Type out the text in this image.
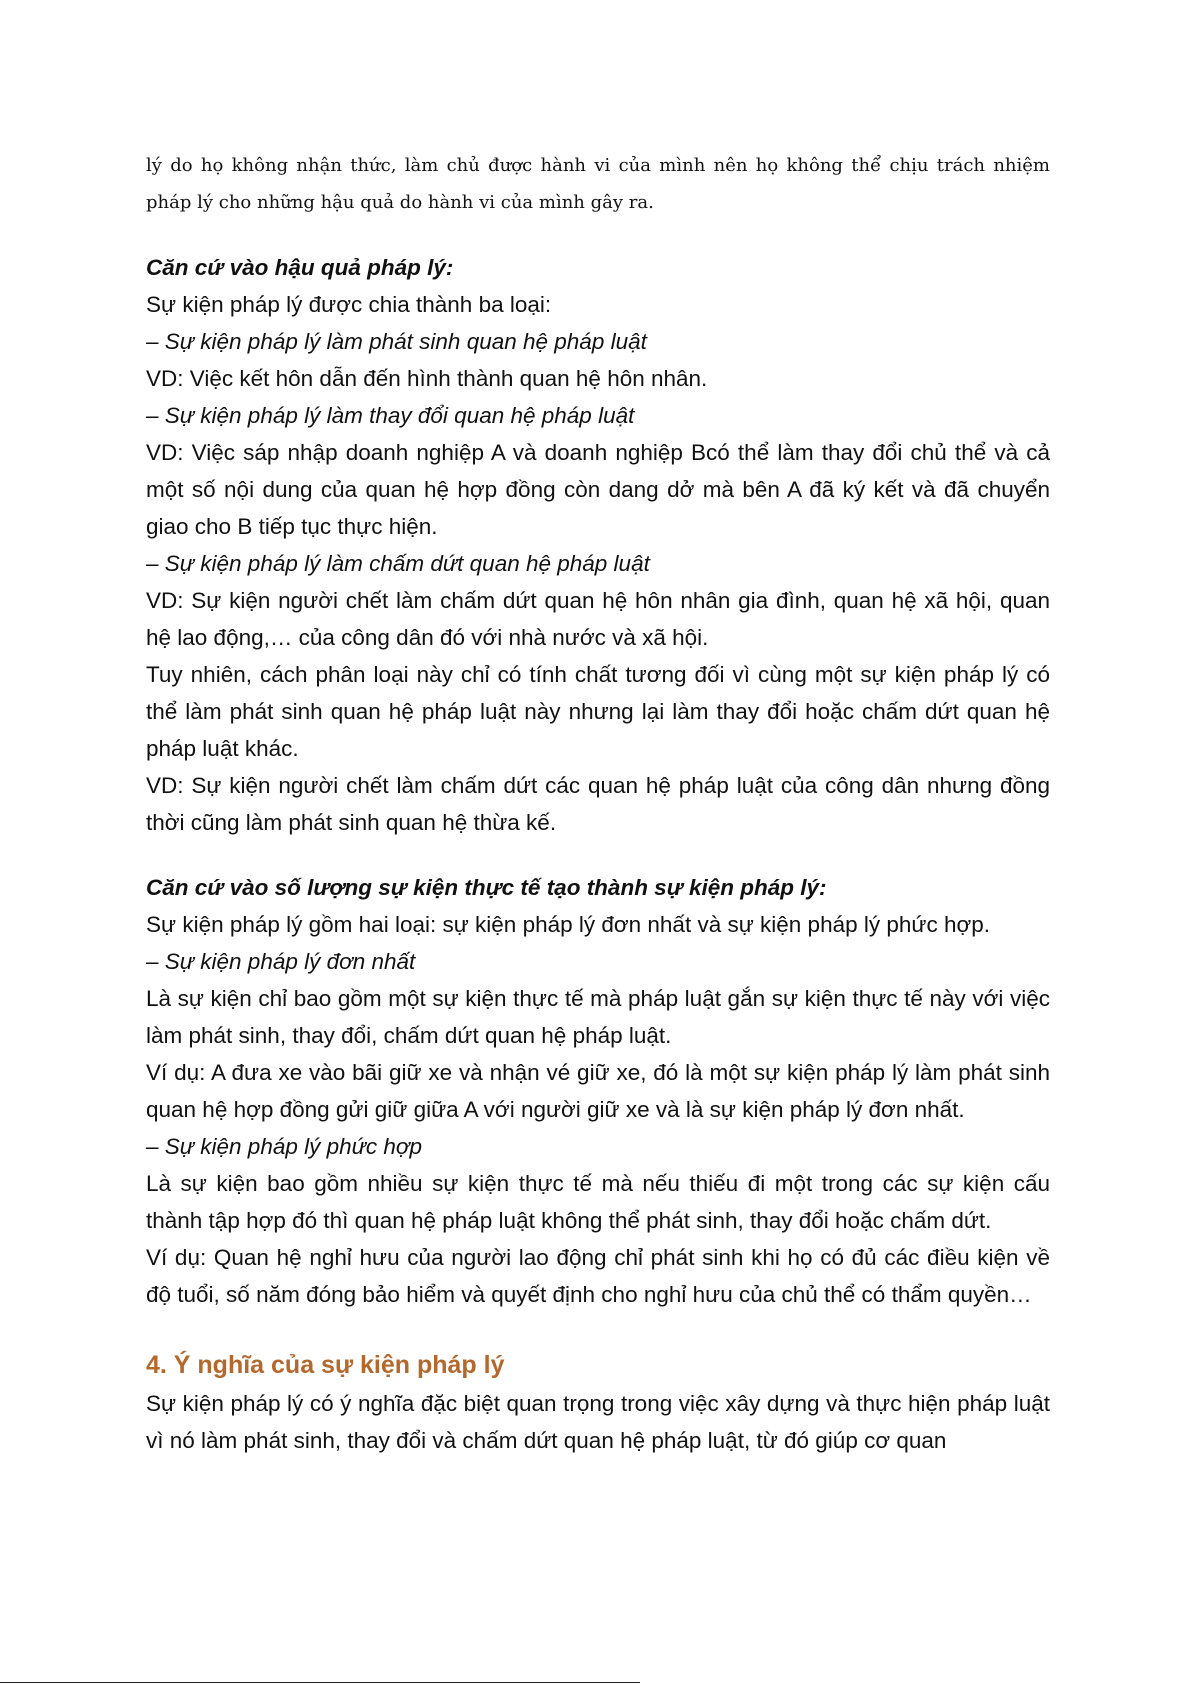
lý do họ không nhận thức, làm chủ được hành vi của mình nên họ không thể chịu trách nhiệm pháp lý cho những hậu quả do hành vi của mình gây ra.

Căn cứ vào hậu quả pháp lý:

Sự kiện pháp lý được chia thành ba loại:

– Sự kiện pháp lý làm phát sinh quan hệ pháp luật

VD: Việc kết hôn dẫn đến hình thành quan hệ hôn nhân.

– Sự kiện pháp lý làm thay đổi quan hệ pháp luật

VD: Việc sáp nhập doanh nghiệp A và doanh nghiệp Bcó thể làm thay đổi chủ thể và cả một số nội dung của quan hệ hợp đồng còn dang dở mà bên A đã ký kết và đã chuyển giao cho B tiếp tục thực hiện.

– Sự kiện pháp lý làm chấm dứt quan hệ pháp luật

VD: Sự kiện người chết làm chấm dứt quan hệ hôn nhân gia đình, quan hệ xã hội, quan hệ lao động,… của công dân đó với nhà nước và xã hội.

Tuy nhiên, cách phân loại này chỉ có tính chất tương đối vì cùng một sự kiện pháp lý có thể làm phát sinh quan hệ pháp luật này nhưng lại làm thay đổi hoặc chấm dứt quan hệ pháp luật khác.

VD: Sự kiện người chết làm chấm dứt các quan hệ pháp luật của công dân nhưng đồng thời cũng làm phát sinh quan hệ thừa kế.

Căn cứ vào số lượng sự kiện thực tế tạo thành sự kiện pháp lý:

Sự kiện pháp lý gồm hai loại: sự kiện pháp lý đơn nhất và sự kiện pháp lý phức hợp.

– Sự kiện pháp lý đơn nhất

Là sự kiện chỉ bao gồm một sự kiện thực tế mà pháp luật gắn sự kiện thực tế này với việc làm phát sinh, thay đổi, chấm dứt quan hệ pháp luật.

Ví dụ: A đưa xe vào bãi giữ xe và nhận vé giữ xe, đó là một sự kiện pháp lý làm phát sinh quan hệ hợp đồng gửi giữ giữa A với người giữ xe và là sự kiện pháp lý đơn nhất.

– Sự kiện pháp lý phức hợp

Là sự kiện bao gồm nhiều sự kiện thực tế mà nếu thiếu đi một trong các sự kiện cấu thành tập hợp đó thì quan hệ pháp luật không thể phát sinh, thay đổi hoặc chấm dứt.

Ví dụ: Quan hệ nghỉ hưu của người lao động chỉ phát sinh khi họ có đủ các điều kiện về độ tuổi, số năm đóng bảo hiểm và quyết định cho nghỉ hưu của chủ thể có thẩm quyền…

4. Ý nghĩa của sự kiện pháp lý

Sự kiện pháp lý có ý nghĩa đặc biệt quan trọng trong việc xây dựng và thực hiện pháp luật vì nó làm phát sinh, thay đổi và chấm dứt quan hệ pháp luật, từ đó giúp cơ quan
